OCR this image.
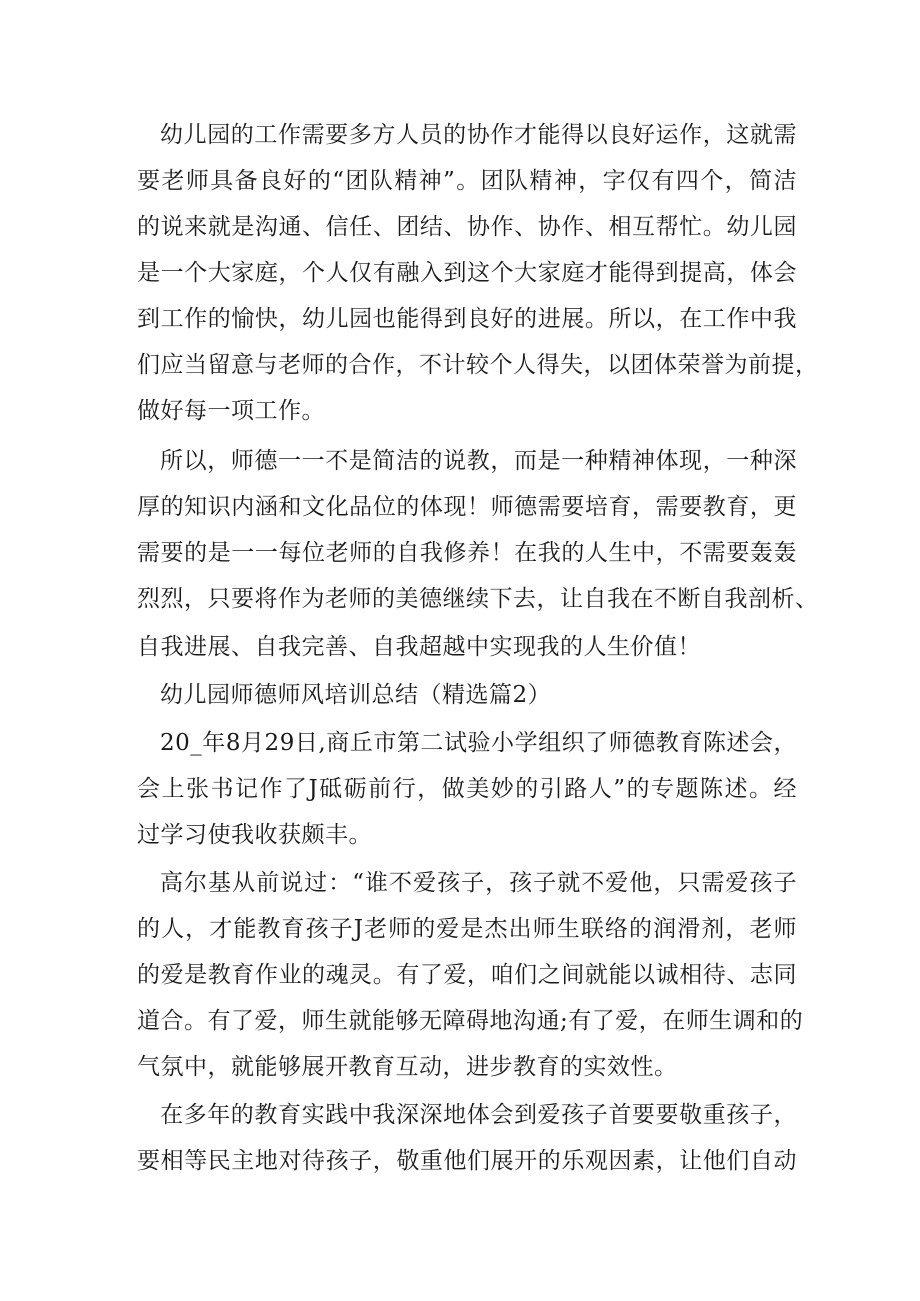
幼儿园的工作需要多方人员的协作才能得以良好运作，这就需
要老师具备良好的“团队精神”。团队精神，字仅有四个，简洁
的说来就是沟通、信任、团结、协作、协作、相互帮忙。幼儿园
是一个大家庭，个人仅有融入到这个大家庭才能得到提高，体会
到工作的愉快，幼儿园也能得到良好的进展。所以，在工作中我
们应当留意与老师的合作，不计较个人得失，以团体荣誉为前提，
做好每一项工作。
所以，师德一一不是简洁的说教，而是一种精神体现，一种深
厚的知识内涵和文化品位的体现！师德需要培育，需要教育，更
需要的是一一每位老师的自我修养！在我的人生中，不需要轰轰
烈烈，只要将作为老师的美德继续下去，让自我在不断自我剖析、
自我进展、自我完善、自我超越中实现我的人生价值！
幼儿园师德师风培训总结（精选篇2）
20_年8月29日,商丘市第二试验小学组织了师德教育陈述会，
会上张书记作了J砥砺前行，做美妙的引路人”的专题陈述。经
过学习使我收获颇丰。
高尔基从前说过：“谁不爱孩子，孩子就不爱他，只需爱孩子
的人，才能教育孩子J老师的爱是杰出师生联络的润滑剂，老师
的爱是教育作业的魂灵。有了爱，咱们之间就能以诚相待、志同
道合。有了爱，师生就能够无障碍地沟通;有了爱，在师生调和的
气氛中，就能够展开教育互动，进步教育的实效性。
在多年的教育实践中我深深地体会到爱孩子首要要敬重孩子，
要相等民主地对待孩子，敬重他们展开的乐观因素，让他们自动
